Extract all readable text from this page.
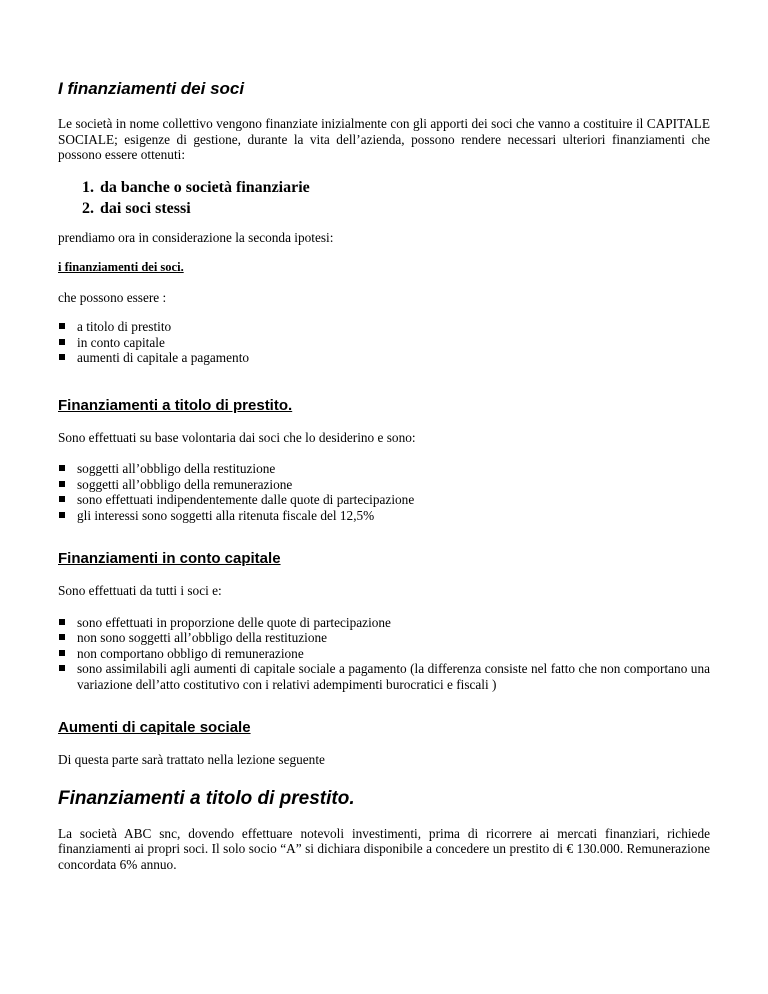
I finanziamenti dei soci

Le società in nome collettivo vengono finanziate inizialmente con gli apporti dei soci che vanno a costituire il CAPITALE SOCIALE; esigenze di gestione, durante la vita dell’azienda, possono rendere necessari ulteriori finanziamenti che possono essere ottenuti:

1. da banche o società finanziarie
2. dai soci stessi

prendiamo ora in considerazione la seconda ipotesi:

i finanziamenti dei soci.

che possono essere :

a titolo di prestito
in conto capitale
aumenti di capitale a pagamento
Finanziamenti a titolo di prestito.

Sono effettuati su base volontaria dai soci che lo desiderino e sono:

soggetti all’obbligo della restituzione
soggetti all’obbligo della remunerazione
sono effettuati indipendentemente dalle quote di partecipazione
gli interessi sono soggetti alla ritenuta fiscale del 12,5%
Finanziamenti in conto capitale

Sono effettuati da tutti i soci e:

sono effettuati in proporzione delle quote di partecipazione
non sono soggetti all’obbligo della restituzione
non comportano obbligo di remunerazione
sono assimilabili agli aumenti di capitale sociale a pagamento (la differenza consiste nel fatto che non comportano una variazione dell’atto costitutivo con i relativi adempimenti burocratici e fiscali )
Aumenti di capitale sociale

Di questa parte sarà trattato nella lezione seguente

Finanziamenti a titolo di prestito.

La società ABC snc, dovendo effettuare notevoli investimenti, prima di ricorrere ai mercati finanziari, richiede finanziamenti ai propri soci. Il solo socio “A” si dichiara disponibile a concedere un prestito di € 130.000. Remunerazione concordata 6% annuo.
